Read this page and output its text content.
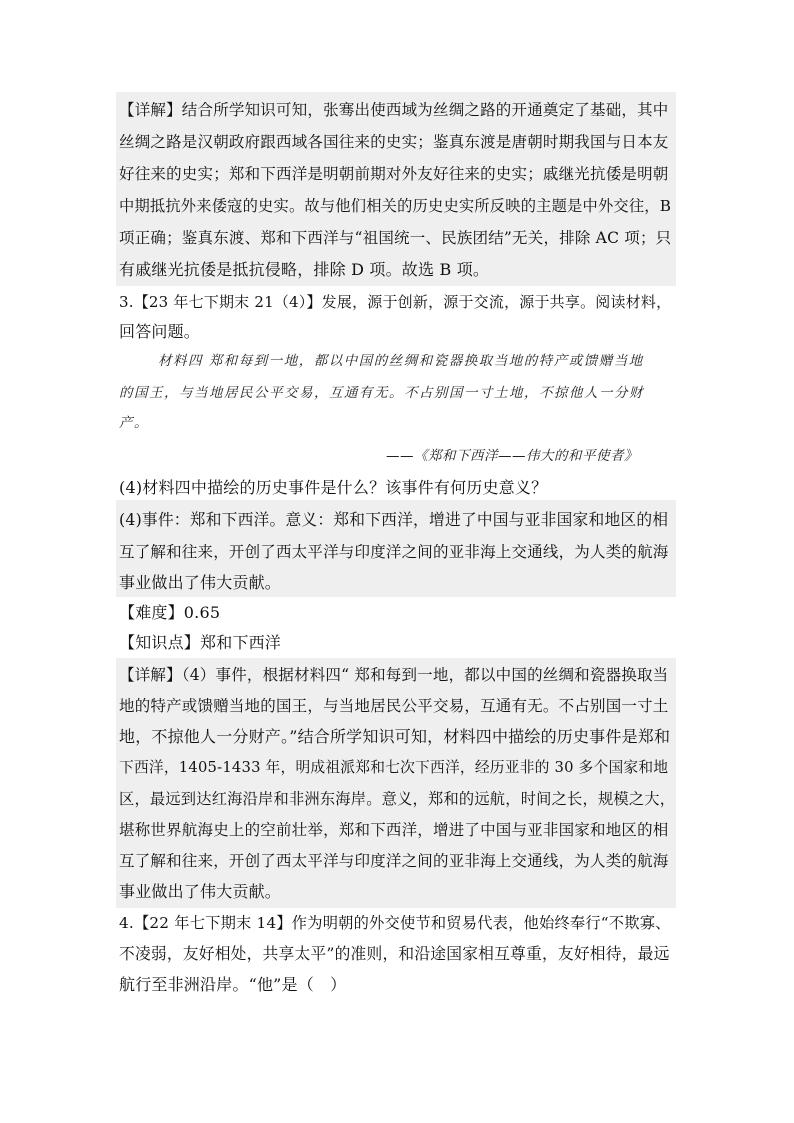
【详解】结合所学知识可知，张骞出使西域为丝绸之路的开通奠定了基础，其中
丝绸之路是汉朝政府跟西域各国往来的史实；鉴真东渡是唐朝时期我国与日本友
好往来的史实；郑和下西洋是明朝前期对外友好往来的史实；戚继光抗倭是明朝
中期抵抗外来倭寇的史实。故与他们相关的历史史实所反映的主题是中外交往，B
项正确；鉴真东渡、郑和下西洋与“祖国统一、民族团结”无关，排除 AC 项；只
有戚继光抗倭是抵抗侵略，排除 D 项。故选 B 项。
3.【23 年七下期末 21（4）】发展，源于创新，源于交流，源于共享。阅读材料，
回答问题。
材料四 郑和每到一地，都以中国的丝绸和瓷器换取当地的特产或馈赠当地
的国王，与当地居民公平交易，互通有无。不占别国一寸土地，不掠他人一分财
产。
——《郑和下西洋——伟大的和平使者》
(4)材料四中描绘的历史事件是什么？该事件有何历史意义？
(4)事件：郑和下西洋。意义：郑和下西洋，增进了中国与亚非国家和地区的相
互了解和往来，开创了西太平洋与印度洋之间的亚非海上交通线，为人类的航海
事业做出了伟大贡献。
【难度】0.65
【知识点】郑和下西洋
【详解】（4）事件，根据材料四“ 郑和每到一地，都以中国的丝绸和瓷器换取当
地的特产或馈赠当地的国王，与当地居民公平交易，互通有无。不占别国一寸土
地，不掠他人一分财产。”结合所学知识可知，材料四中描绘的历史事件是郑和
下西洋，1405-1433 年，明成祖派郑和七次下西洋，经历亚非的 30 多个国家和地
区，最远到达红海沿岸和非洲东海岸。意义，郑和的远航，时间之长，规模之大，
堪称世界航海史上的空前壮举，郑和下西洋，增进了中国与亚非国家和地区的相
互了解和往来，开创了西太平洋与印度洋之间的亚非海上交通线，为人类的航海
事业做出了伟大贡献。
4.【22 年七下期末 14】作为明朝的外交使节和贸易代表，他始终奉行“不欺寡、
不凌弱，友好相处，共享太平”的准则，和沿途国家相互尊重，友好相待，最远
航行至非洲沿岸。“他”是（　）
